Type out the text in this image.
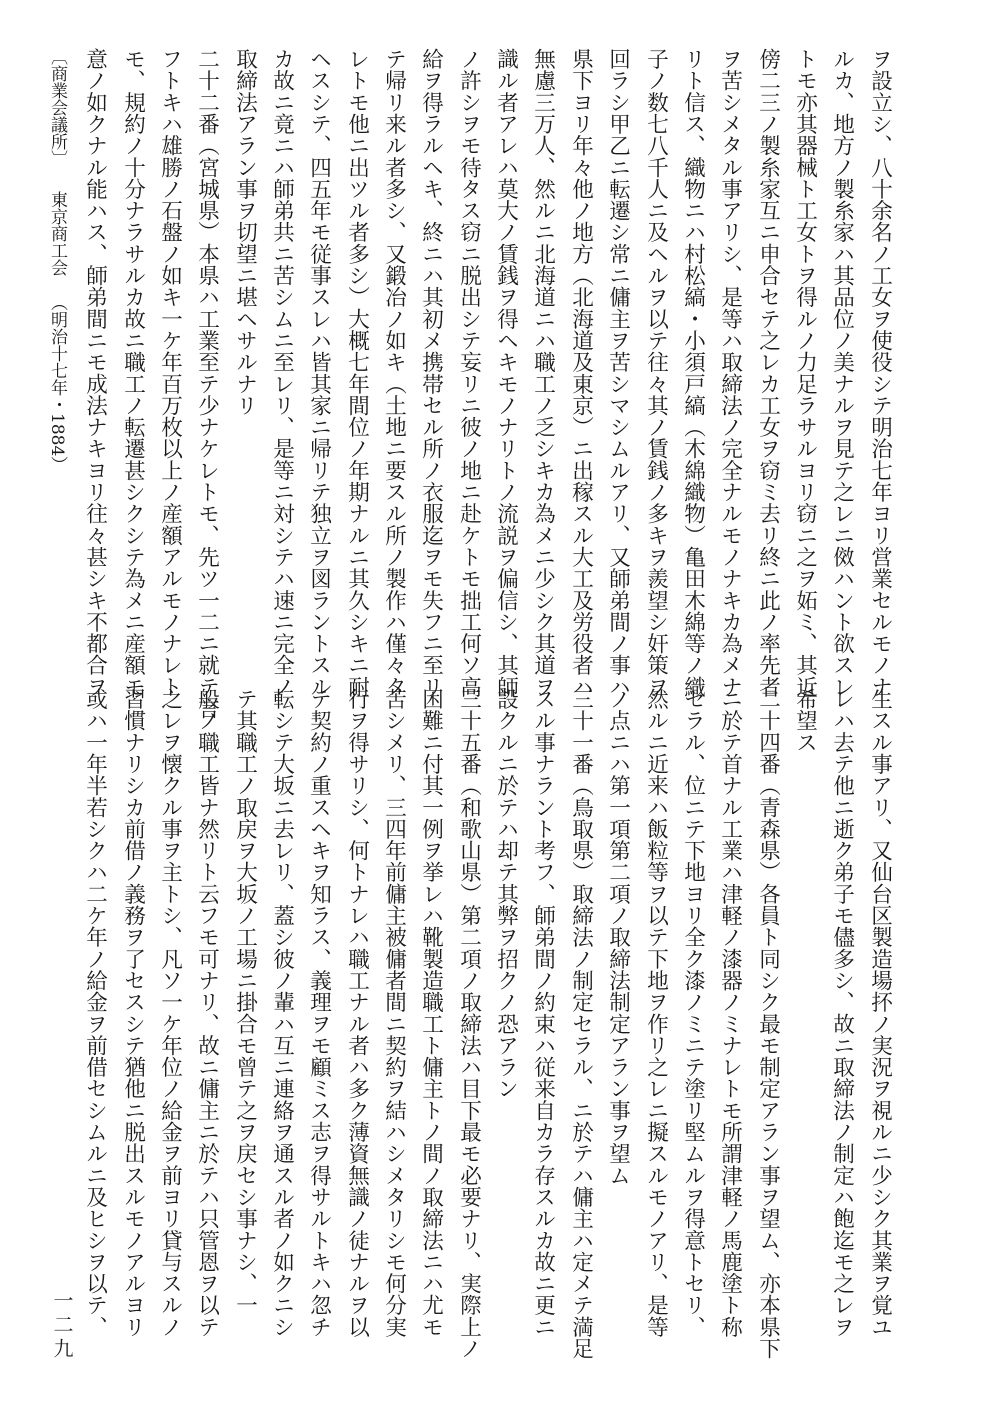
ヲ設立シ、八十余名ノ工女ヲ使役シテ明治七年ヨリ営業セルモノナ
ルカ、地方ノ製糸家ハ其品位ノ美ナルヲ見テ之レニ傚ハント欲スレ
トモ亦其器械ト工女トヲ得ルノ力足ラサルヨリ窃ニ之ヲ妬ミ、其近
傍二三ノ製糸家互ニ申合セテ之レカ工女ヲ窃ミ去リ終ニ此ノ率先者
ヲ苦シメタル事アリシ、是等ハ取締法ノ完全ナルモノナキカ為メナ
リト信ス、織物ニハ村松縞・小須戸縞（木綿織物）亀田木綿等ノ織
子ノ数七八千人ニ及ヘルヲ以テ往々其ノ賃銭ノ多キヲ羨望シ奸策ヲ
回ラシ甲乙ニ転遷シ常ニ傭主ヲ苦シマシムルアリ、又師弟間ノ事ハ
県下ヨリ年々他ノ地方（北海道及東京）ニ出稼スル大工及労役者ハ
無慮三万人、然ルニ北海道ニハ職工ノ乏シキカ為メニ少シク其道ヲ
識ル者アレハ莫大ノ賃銭ヲ得ヘキモノナリトノ流説ヲ偏信シ、其師
ノ許シヲモ待タス窃ニ脱出シテ妄リニ彼ノ地ニ赴ケトモ拙工何ソ高
給ヲ得ラルヘキ、終ニハ其初メ携帯セル所ノ衣服迄ヲモ失フニ至リ
テ帰リ来ル者多シ、又鍛冶ノ如キ（土地ニ要スル所ノ製作ハ僅々タ
レトモ他ニ出ツル者多シ）大概七年間位ノ年期ナルニ其久シキニ耐
ヘスシテ、四五年モ従事スレハ皆其家ニ帰リテ独立ヲ図ラントスル
カ故ニ竟ニハ師弟共ニ苦シムニ至レリ、是等ニ対シテハ速ニ完全ノ
取締法アラン事ヲ切望ニ堪ヘサルナリ
二十二番（宮城県）本県ハ工業至テ少ナケレトモ、先ツ一二ニ就テ言
フトキハ雄勝ノ石盤ノ如キ一ケ年百万枚以上ノ産額アルモノナレト
モ、規約ノ十分ナラサルカ故ニ職工ノ転遷甚シクシテ為メニ産額モ
意ノ如クナル能ハス、師弟間ニモ成法ナキヨリ往々甚シキ不都合ヲ
〔商業会議所〕東京商工会（明治十七年・1884）
生スル事アリ、又仙台区製造場抔ノ実況ヲ視ルニ少シク其業ヲ覚ユ
レハ去テ他ニ逝ク弟子モ儘多シ、故ニ取締法ノ制定ハ飽迄モ之レヲ
希望ス
二十四番（青森県）各員ト同シク最モ制定アラン事ヲ望ム、亦本県下
ニ於テ首ナル工業ハ津軽ノ漆器ノミナレトモ所謂津軽ノ馬鹿塗ト称
セラル、位ニテ下地ヨリ全ク漆ノミニテ塗リ堅ムルヲ得意トセリ、
然ルニ近来ハ飯粒等ヲ以テ下地ヲ作リ之レニ擬スルモノアリ、是等
ノ点ニハ第一項第二項ノ取締法制定アラン事ヲ望ム
三十一番（鳥取県）取締法ノ制定セラル、ニ於テハ傭主ハ定メテ満足
スル事ナラント考フ、師弟間ノ約束ハ従来自カラ存スルカ故ニ更ニ
設クルニ於テハ却テ其弊ヲ招クノ恐アラン
三十五番（和歌山県）第二項ノ取締法ハ目下最モ必要ナリ、実際上ノ
困難ニ付其一例ヲ挙レハ靴製造職工ト傭主トノ間ノ取締法ニハ尤モ
苦シメリ、三四年前傭主被傭者間ニ契約ヲ結ハシメタリシモ何分実
行ヲ得サリシ、何トナレハ職工ナル者ハ多ク薄資無識ノ徒ナルヲ以
テ契約ノ重スヘキヲ知ラス、義理ヲモ顧ミス志ヲ得サルトキハ忽チ
転シテ大坂ニ去レリ、蓋シ彼ノ輩ハ互ニ連絡ヲ通スル者ノ如クニシ
テ其職工ノ取戻ヲ大坂ノ工場ニ掛合モ曾テ之ヲ戻セシ事ナシ、一
般ノ職工皆ナ然リト云フモ可ナリ、故ニ傭主ニ於テハ只管恩ヲ以テ
之レヲ懐クル事ヲ主トシ、凡ソ一ケ年位ノ給金ヲ前ヨリ貸与スルノ
習慣ナリシカ前借ノ義務ヲ了セスシテ猶他ニ脱出スルモノアルヨリ
或ハ一年半若シクハ二ケ年ノ給金ヲ前借セシムルニ及ヒシヲ以テ、
一二九
